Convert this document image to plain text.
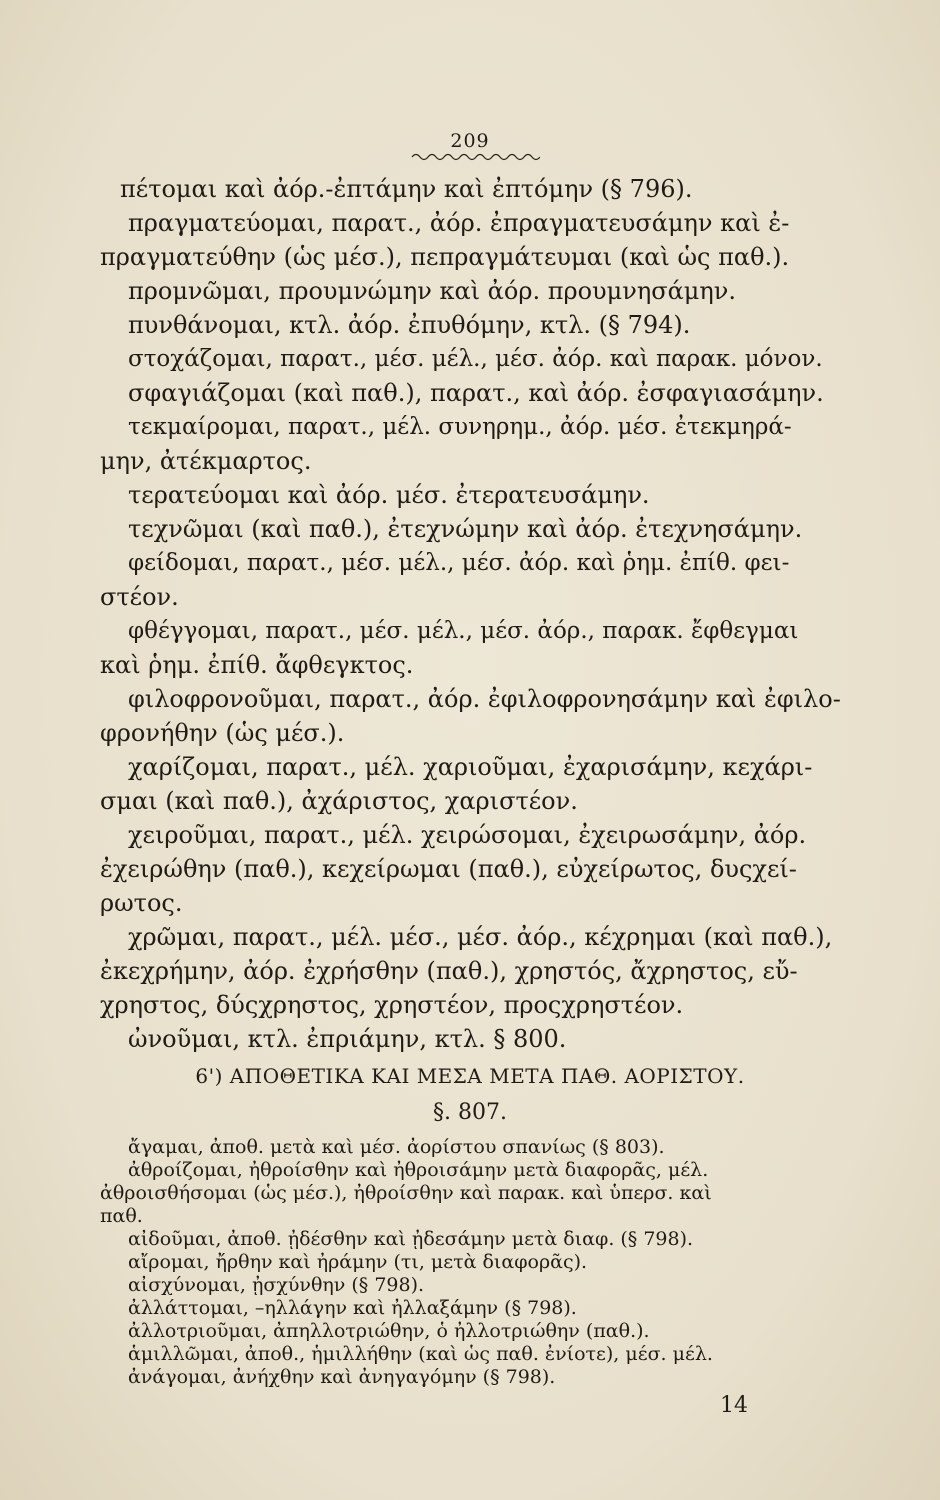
209
πέτομαι καὶ ἀόρ.-ἐπτάμην καὶ ἐπτόμην (§ 796).
πραγματεύομαι, παρατ., ἀόρ. ἐπραγματευσάμην καὶ ἐ-
πραγματεύθην (ὡς μέσ.), πεπραγμάτευμαι (καὶ ὡς παθ.).
προμνῶμαι, προυμνώμην καὶ ἀόρ. προυμνησάμην.
πυνθάνομαι, κτλ. ἀόρ. ἐπυθόμην, κτλ. (§ 794).
στοχάζομαι, παρατ., μέσ. μέλ., μέσ. ἀόρ. καὶ παρακ. μόνον.
σφαγιάζομαι (καὶ παθ.), παρατ., καὶ ἀόρ. ἐσφαγιασάμην.
τεκμαίρομαι, παρατ., μέλ. συνηρημ., ἀόρ. μέσ. ἐτεκμηρά-
μην, ἀτέκμαρτος.
τερατεύομαι καὶ ἀόρ. μέσ. ἐτερατευσάμην.
τεχνῶμαι (καὶ παθ.), ἐτεχνώμην καὶ ἀόρ. ἐτεχνησάμην.
φείδομαι, παρατ., μέσ. μέλ., μέσ. ἀόρ. καὶ ῥημ. ἐπίθ. φει-
στέον.
φθέγγομαι, παρατ., μέσ. μέλ., μέσ. ἀόρ., παρακ. ἔφθεγμαι
καὶ ῥημ. ἐπίθ. ἄφθεγκτος.
φιλοφρονοῦμαι, παρατ., ἀόρ. ἐφιλοφρονησάμην καὶ ἐφιλο-
φρονήθην (ὡς μέσ.).
χαρίζομαι, παρατ., μέλ. χαριοῦμαι, ἐχαρισάμην, κεχάρι-
σμαι (καὶ παθ.), ἀχάριστος, χαριστέον.
χειροῦμαι, παρατ., μέλ. χειρώσομαι, ἐχειρωσάμην, ἀόρ.
ἐχειρώθην (παθ.), κεχείρωμαι (παθ.), εὐχείρωτος, δυςχεί-
ρωτος.
χρῶμαι, παρατ., μέλ. μέσ., μέσ. ἀόρ., κέχρημαι (καὶ παθ.),
ἐκεχρήμην, ἀόρ. ἐχρήσθην (παθ.), χρηστός, ἄχρηστος, εὔ-
χρηστος, δύςχρηστος, χρηστέον, προςχρηστέον.
ὠνοῦμαι, κτλ. ἐπριάμην, κτλ. § 800.
6') ΑΠΟΘΕΤΙΚΑ ΚΑΙ ΜΕΣΑ ΜΕΤΑ ΠΑΘ. ΑΟΡΙΣΤΟΥ.
§. 807.
ἄγαμαι, ἀποθ. μετὰ καὶ μέσ. ἀορίστου σπανίως (§ 803).
ἀθροίζομαι, ἠθροίσθην καὶ ἠθροισάμην μετὰ διαφορᾶς, μέλ.
ἀθροισθήσομαι (ὡς μέσ.), ἠθροίσθην καὶ παρακ. καὶ ὑπερσ. καὶ
παθ.
αἰδοῦμαι, ἀποθ. ᾐδέσθην καὶ ᾐδεσάμην μετὰ διαφ. (§ 798).
αἴρομαι, ἤρθην καὶ ἠράμην (τι, μετὰ διαφορᾶς).
αἰσχύνομαι, ᾐσχύνθην (§ 798).
ἀλλάττομαι, –ηλλάγην καὶ ἠλλαξάμην (§ 798).
ἀλλοτριοῦμαι, ἀπηλλοτριώθην, ὁ ἠλλοτριώθην (παθ.).
ἁμιλλῶμαι, ἀποθ., ἡμιλλήθην (καὶ ὡς παθ. ἐνίοτε), μέσ. μέλ.
ἀνάγομαι, ἀνήχθην καὶ ἀνηγαγόμην (§ 798).
14
